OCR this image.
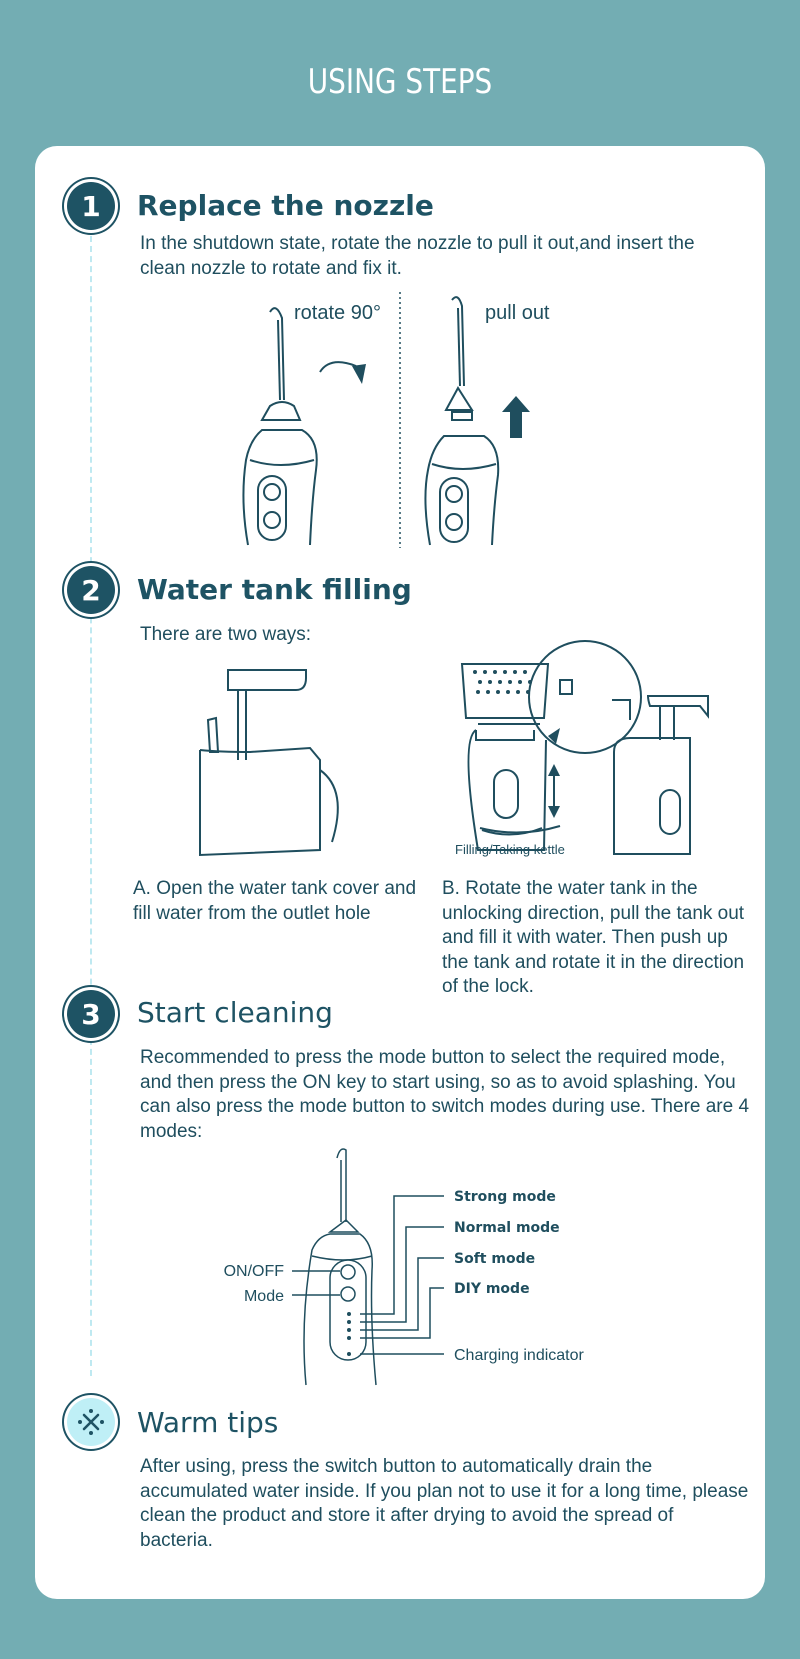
USING STEPS
1	Replace the nozzle
In the shutdown state, rotate the nozzle to pull it out,and insert the clean nozzle to rotate and fix it.
rotate 90°	pull out
2	Water tank filling
There are two ways:
Filling/Taking kettle
A. Open the water tank cover and fill water from the outlet hole
B. Rotate the water tank in the unlocking direction, pull the tank out and fill it with water. Then push up the tank and rotate it in the direction of the lock.
3	Start cleaning
Recommended to press the mode button to select the required mode, and then press the ON key to start using, so as to avoid splashing. You can also press the mode button to switch modes during use. There are 4 modes:
ON/OFF
Mode
Strong mode
Normal mode
Soft mode
DIY mode
Charging indicator
Warm tips
After using, press the switch button to automatically drain the accumulated water inside. If you plan not to use it for a long time, please clean the product and store it after drying to avoid the spread of bacteria.
